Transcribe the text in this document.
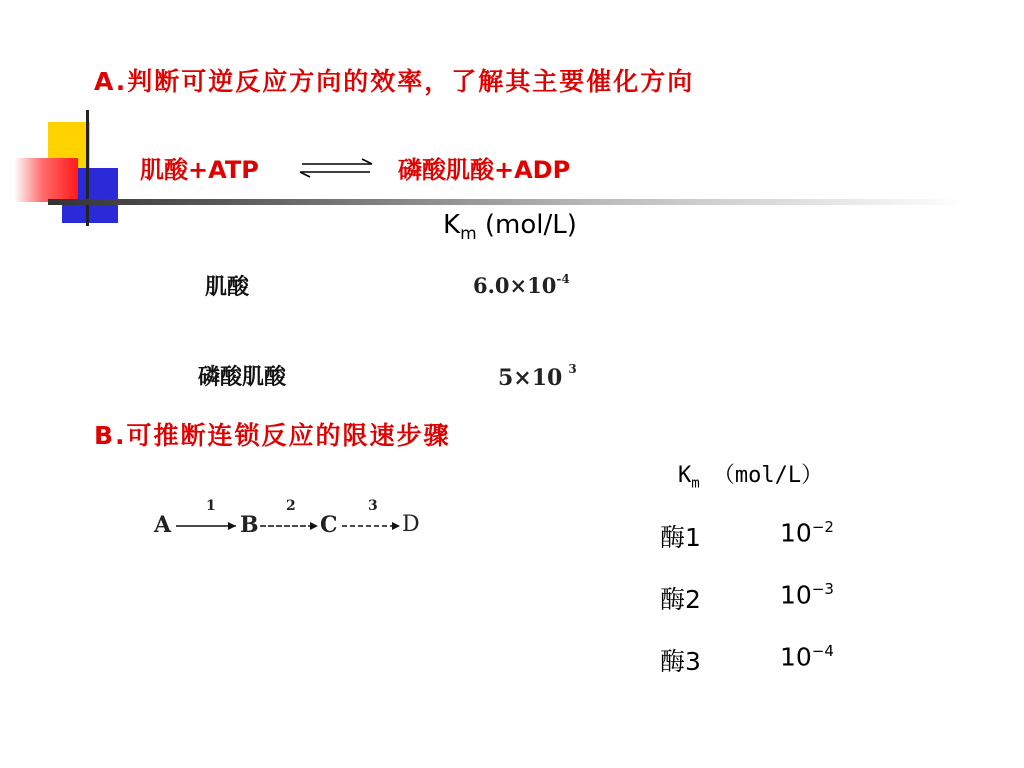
A.判断可逆反应方向的效率，了解其主要催化方向
肌酸+ATP	磷酸肌酸+ADP
$K_m$ (mol/L)
肌酸	$6.0\times 10^{-4}$
磷酸肌酸	5×10 $^3$
B.可推断连锁反应的限速步骤
A	B	C	D
1	2	3
$K_m$ （mol/L）
酶1	$10^{-2}$
酶2	$10^{-3}$
酶3	$10^{-4}$
